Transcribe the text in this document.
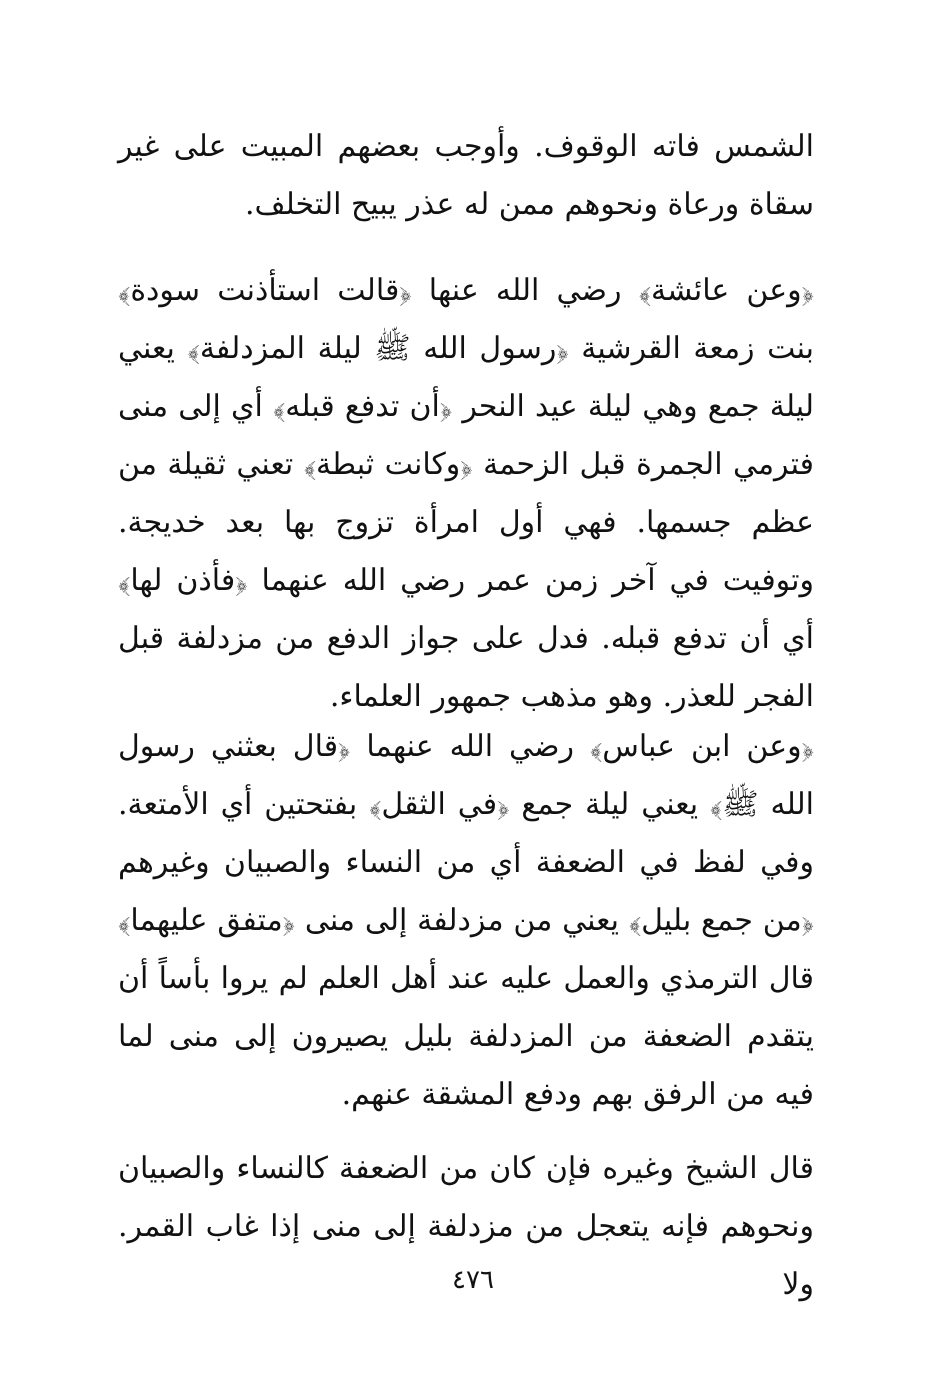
الشمس فاته الوقوف. وأوجب بعضهم المبيت على غير سقاة ورعاة ونحوهم ممن له عذر يبيح التخلف.

﴿وعن عائشة﴾ رضي الله عنها ﴿قالت استأذنت سودة﴾ بنت زمعة القرشية ﴿رسول الله ﷺ ليلة المزدلفة﴾ يعني ليلة جمع وهي ليلة عيد النحر ﴿أن تدفع قبله﴾ أي إلى منى فترمي الجمرة قبل الزحمة ﴿وكانت ثبطة﴾ تعني ثقيلة من عظم جسمها. فهي أول امرأة تزوج بها بعد خديجة. وتوفيت في آخر زمن عمر رضي الله عنهما ﴿فأذن لها﴾ أي أن تدفع قبله. فدل على جواز الدفع من مزدلفة قبل الفجر للعذر. وهو مذهب جمهور العلماء.

﴿وعن ابن عباس﴾ رضي الله عنهما ﴿قال بعثني رسول الله ﷺ﴾ يعني ليلة جمع ﴿في الثقل﴾ بفتحتين أي الأمتعة. وفي لفظ في الضعفة أي من النساء والصبيان وغيرهم ﴿من جمع بليل﴾ يعني من مزدلفة إلى منى ﴿متفق عليهما﴾ قال الترمذي والعمل عليه عند أهل العلم لم يروا بأساً أن يتقدم الضعفة من المزدلفة بليل يصيرون إلى منى لما فيه من الرفق بهم ودفع المشقة عنهم.

قال الشيخ وغيره فإن كان من الضعفة كالنساء والصبيان ونحوهم فإنه يتعجل من مزدلفة إلى منى إذا غاب القمر. ولا

٤٧٦
